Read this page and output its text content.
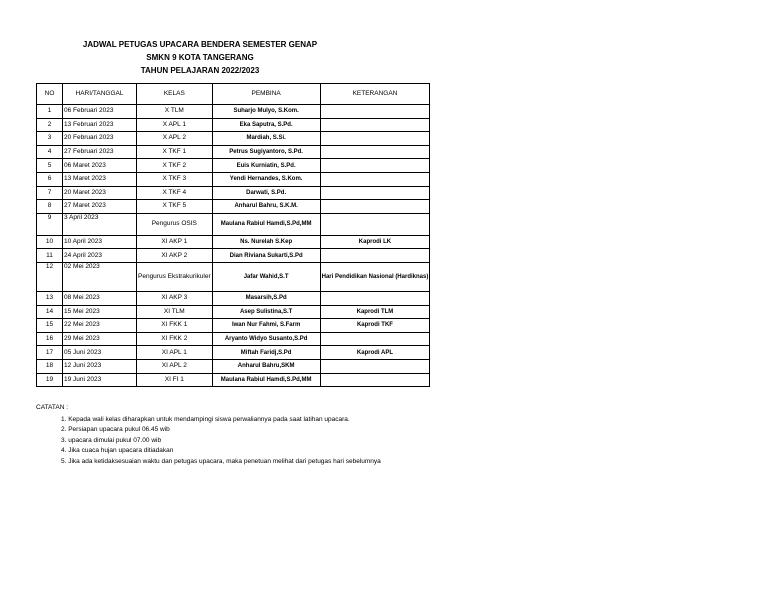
JADWAL PETUGAS UPACARA BENDERA SEMESTER GENAP
SMKN 9 KOTA TANGERANG
TAHUN PELAJARAN 2022/2023
NO	HARI/TANGGAL	KELAS	PEMBINA	KETERANGAN
1	06 Februari 2023	X TLM	Suharjo Mulyo, S.Kom.	
2	13 Februari 2023	X APL 1	Eka Saputra, S.Pd.	
3	20 Februari 2023	X APL 2	Mardiah, S.Si.	
4	27 Februari 2023	X TKF 1	Petrus Sugiyantoro, S.Pd.	
5	06 Maret 2023	X TKF 2	Euis Kurniatin, S.Pd.	
6	13 Maret 2023	X TKF 3	Yendi Hernandes, S.Kom.	
7	20 Maret 2023	X TKF 4	Darwati, S.Pd.	
8	27 Maret 2023	X TKF 5	Anharul Bahru, S.K.M.	
9	3 April 2023	Pengurus OSIS	Maulana Rabiul Hamdi,S.Pd,MM	
10	10 April 2023	XI AKP 1	Ns. Nurelah S.Kep	Kaprodi LK
11	24 April 2023	XI AKP 2	Dian Riviana Sukarti,S.Pd	
12	02 Mei 2023	Pengurus Ekstrakurikuler	Jafar Wahid,S.T	Hari Pendidikan Nasional (Hardiknas)
13	08 Mei 2023	XI AKP 3	Masarsih,S.Pd	
14	15 Mei 2023	XI TLM	Asep Sulistina,S.T	Kaprodi TLM
15	22 Mei 2023	XI FKK 1	Iwan Nur Fahmi, S.Farm	Kaprodi TKF
16	29 Mei 2023	XI FKK 2	Aryanto Widyo Susanto,S.Pd	
17	05 Juni 2023	XI APL 1	Miftah Faridj,S.Pd	Kaprodi APL
18	12 Juni 2023	XI APL 2	Anharul Bahru,SKM	
19	19 Juni 2023	XI FI 1	Maulana Rabiul Hamdi,S.Pd,MM	
CATATAN :
1. Kepada wali kelas diharapkan untuk mendampingi siswa perwaliannya pada saat latihan upacara.
2. Persiapan upacara pukul 06.45 wib
3. upacara dimulai pukul 07.00 wib
4. Jika cuaca hujan upacara ditiadakan
5. Jika ada ketidaksesuaian waktu dan petugas upacara, maka penetuan melihat dari petugas hari sebelumnya
